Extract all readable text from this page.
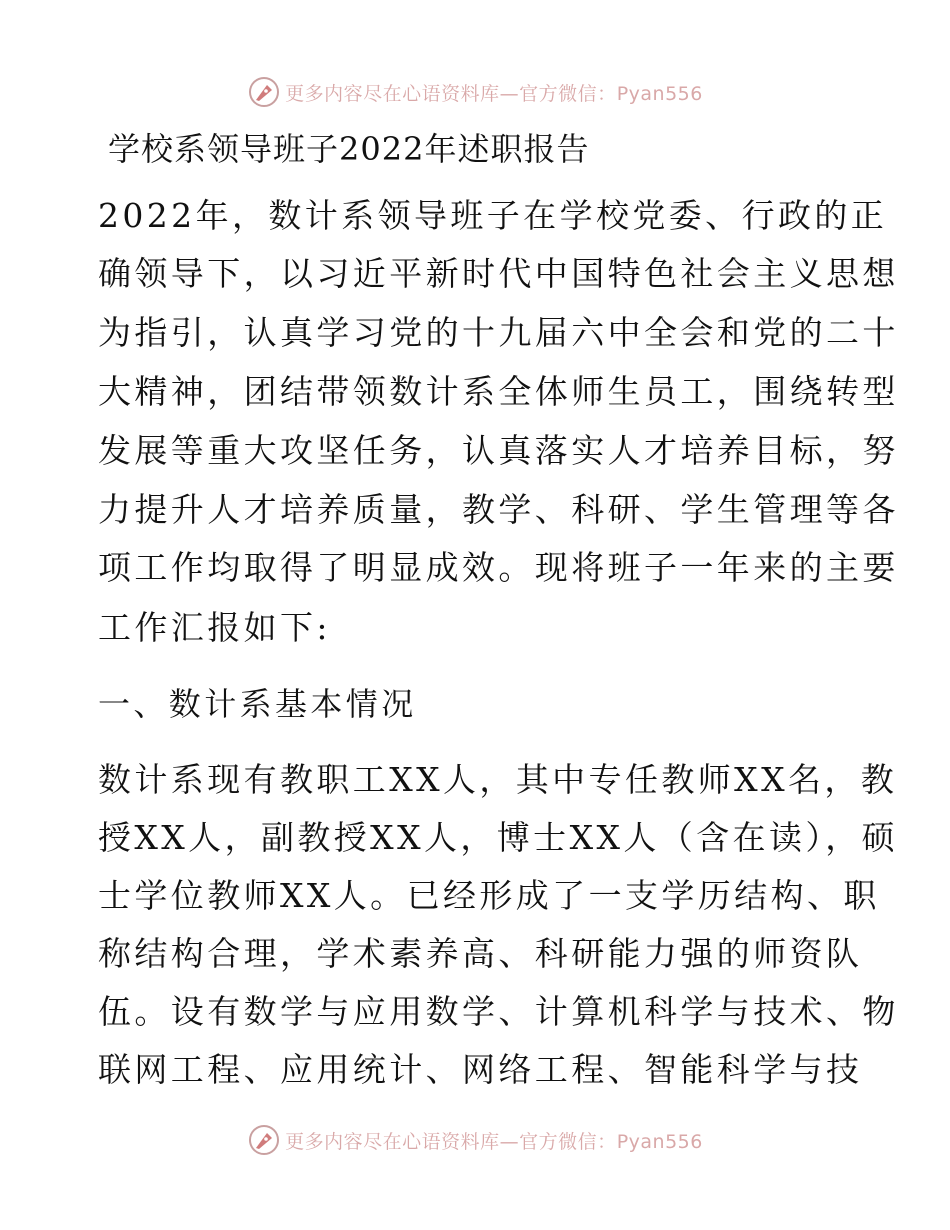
更多内容尽在心语资料库—官方微信：Pyan556
学校系领导班子2022年述职报告
2022年，数计系领导班子在学校党委、行政的正
确领导下，以习近平新时代中国特色社会主义思想
为指引，认真学习党的十九届六中全会和党的二十
大精神，团结带领数计系全体师生员工，围绕转型
发展等重大攻坚任务，认真落实人才培养目标，努
力提升人才培养质量，教学、科研、学生管理等各
项工作均取得了明显成效。现将班子一年来的主要
工作汇报如下:
一、数计系基本情况
数计系现有教职工XX人，其中专任教师XX名，教
授XX人，副教授XX人，博士XX人（含在读），硕
士学位教师XX人。已经形成了一支学历结构、职
称结构合理，学术素养高、科研能力强的师资队
伍。设有数学与应用数学、计算机科学与技术、物
联网工程、应用统计、网络工程、智能科学与技
更多内容尽在心语资料库—官方微信：Pyan556
